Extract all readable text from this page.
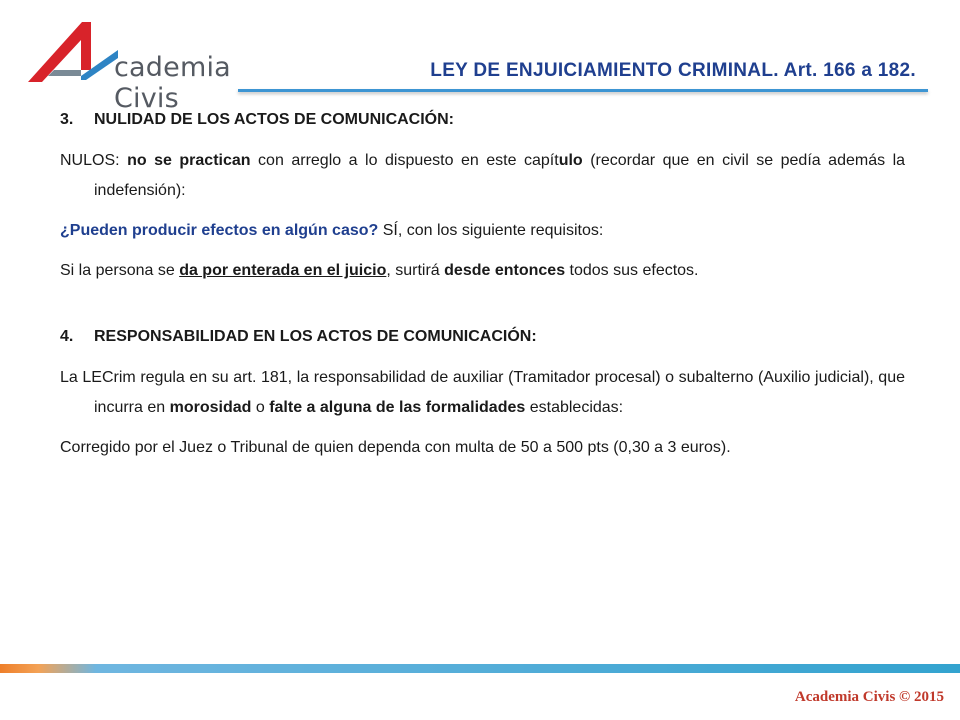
cademia Civis
LEY DE ENJUICIAMIENTO CRIMINAL. Art. 166 a 182.
3.	NULIDAD DE LOS ACTOS DE COMUNICACIÓN:

NULOS: no se practican con arreglo a lo dispuesto en este capítulo (recordar que en civil se pedía además la indefensión):

¿Pueden producir efectos en algún caso? SÍ, con los siguiente requisitos:

Si la persona se da por enterada en el juicio, surtirá desde entonces todos sus efectos.

4.	RESPONSABILIDAD EN LOS ACTOS DE COMUNICACIÓN:

La LECrim regula en su art. 181, la responsabilidad de auxiliar (Tramitador procesal) o subalterno (Auxilio judicial), que incurra en morosidad o falte a alguna de las formalidades establecidas:

Corregido por el Juez o Tribunal de quien dependa con multa de 50 a 500 pts (0,30 a 3 euros).

Academia Civis © 2015
